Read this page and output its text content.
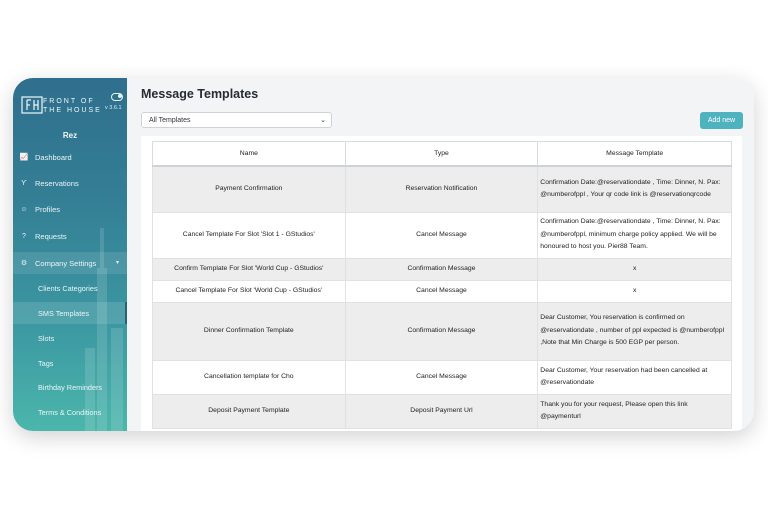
FRONT OF
THE HOUSE v 3.6.1
Rez
📈 Dashboard
Ƴ	Reservations
☺ Profiles
?	Requests
⚙ Company Settings	▾
Clients Categories
SMS Templates
Slots
Tags
Birthday Reminders
Terms & Conditions
Message Templates
All Templates	⌄	Add new
Name	Type	Message Template
Payment Confirmation	Reservation Notification	Confirmation Date:@reservationdate , Time: Dinner, N. Pax: @numberofppl , Your qr code link is @reservationqrcode
Cancel Template For Slot 'Slot 1 - GStudios'	Cancel Message	Confirmation Date:@reservationdate , Time: Dinner, N. Pax: @numberofppl, minimum charge policy applied. We will be honoured to host you. Pier88 Team.
Confirm Template For Slot 'World Cup - GStudios'	Confirmation Message	x
Cancel Template For Slot 'World Cup - GStudios'	Cancel Message	x
Dinner Confirmation Template	Confirmation Message	Dear Customer, You reservation is confirmed on @reservationdate , number of ppl expected is @numberofppl ,Note that Min Charge is 500 EGP per person.
Cancellation template for Cho	Cancel Message	Dear Customer, Your reservation had been cancelled at @reservationdate
Deposit Payment Template	Deposit Payment Url	Thank you for your request, Please open this link @paymenturl
